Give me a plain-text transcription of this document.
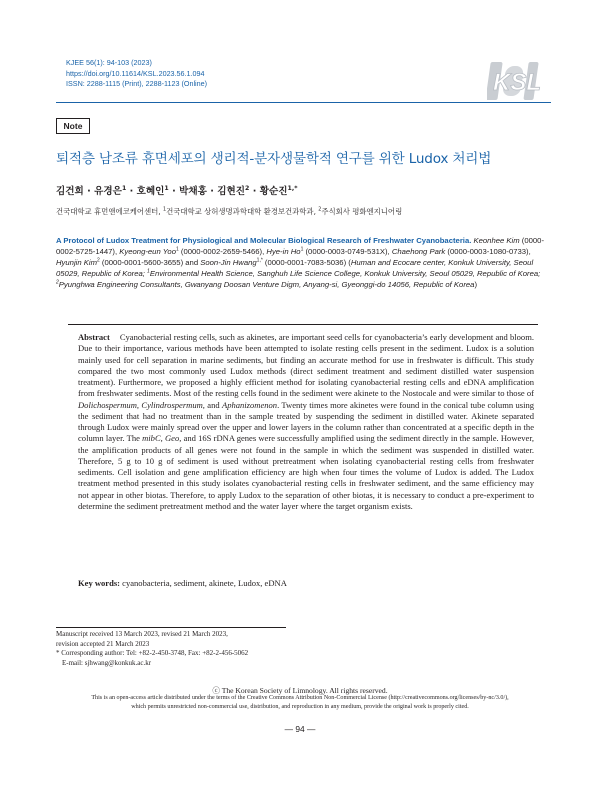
KJEE 56(1): 94-103 (2023)
https://doi.org/10.11614/KSL.2023.56.1.094
ISSN: 2288-1115 (Print), 2288-1123 (Online)	KSL
Note
퇴적층 남조류 휴면세포의 생리적-분자생물학적 연구를 위한 Ludox 처리법
김건희 · 유경은$^1$ · 호혜인$^1$ · 박채홍 · 김현진$^2$ · 황순진$^{1,*}$
건국대학교 휴먼앤에코케어센터, $^1$건국대학교 상허생명과학대학 환경보건과학과, $^2$주식회사 평화엔지니어링
A Protocol of Ludox Treatment for Physiological and Molecular Biological Research of Freshwater Cyanobacteria. Keonhee Kim (0000-0002-5725-1447), Kyeong-eun Yoo$^1$ (0000-0002-2659-5466), Hye-in Ho$^1$ (0000-0003-0749-531X), Chaehong Park (0000-0003-1080-0733), Hyunjin Kim$^2$ (0000-0001-5600-3655) and Soon-Jin Hwang$^{1,*}$ (0000-0001-7083-5036) (Human and Ecocare center, Konkuk University, Seoul 05029, Republic of Korea; $^1$Environmental Health Science, Sanghuh Life Science College, Konkuk University, Seoul 05029, Republic of Korea; $^2$Pyunghwa Engineering Consultants, Gwanyang Doosan Venture Digm, Anyang-si, Gyeonggi-do 14056, Republic of Korea)
Abstract Cyanobacterial resting cells, such as akinetes, are important seed cells for cyanobacteria’s early development and bloom. Due to their importance, various methods have been attempted to isolate resting cells present in the sediment. Ludox is a solution mainly used for cell separation in marine sediments, but finding an accurate method for use in freshwater is difficult. This study compared the two most commonly used Ludox methods (direct sediment treatment and sediment distilled water suspension treatment). Furthermore, we proposed a highly efficient method for isolating cyanobacterial resting cells and eDNA amplification from freshwater sediments. Most of the resting cells found in the sediment were akinete to the Nostocale and were similar to those of Dolichospermum, Cylindrospermum, and Aphanizomenon. Twenty times more akinetes were found in the conical tube column using the sediment that had no treatment than in the sample treated by suspending the sediment in distilled water. Akinete separated through Ludox were mainly spread over the upper and lower layers in the column rather than concentrated at a specific depth in the column layer. The mibC, Geo, and 16S rDNA genes were successfully amplified using the sediment directly in the sample. However, the amplification products of all genes were not found in the sample in which the sediment was suspended in distilled water. Therefore, 5 g to 10 g of sediment is used without pretreatment when isolating cyanobacterial resting cells from freshwater sediments. Cell isolation and gene amplification efficiency are high when four times the volume of Ludox is added. The Ludox treatment method presented in this study isolates cyanobacterial resting cells in freshwater sediment, and the same efficiency may not appear in other biotas. Therefore, to apply Ludox to the separation of other biotas, it is necessary to conduct a pre-experiment to determine the sediment pretreatment method and the water layer where the target organism exists.
Key words: cyanobacteria, sediment, akinete, Ludox, eDNA
Manuscript received 13 March 2023, revised 21 March 2023,
revision accepted 21 March 2023
* Corresponding author: Tel: +82-2-450-3748, Fax: +82-2-456-5062
E-mail: sjhwang@konkuk.ac.kr
ⓒ The Korean Society of Limnology. All rights reserved.
This is an open-access article distributed under the terms of the Creative Commons Attribution Non-Commercial License (http://creativecommons.org/licenses/by-nc/3.0/),
which permits unrestricted non-commercial use, distribution, and reproduction in any medium, provide the original work is properly cited.
— 94 —
